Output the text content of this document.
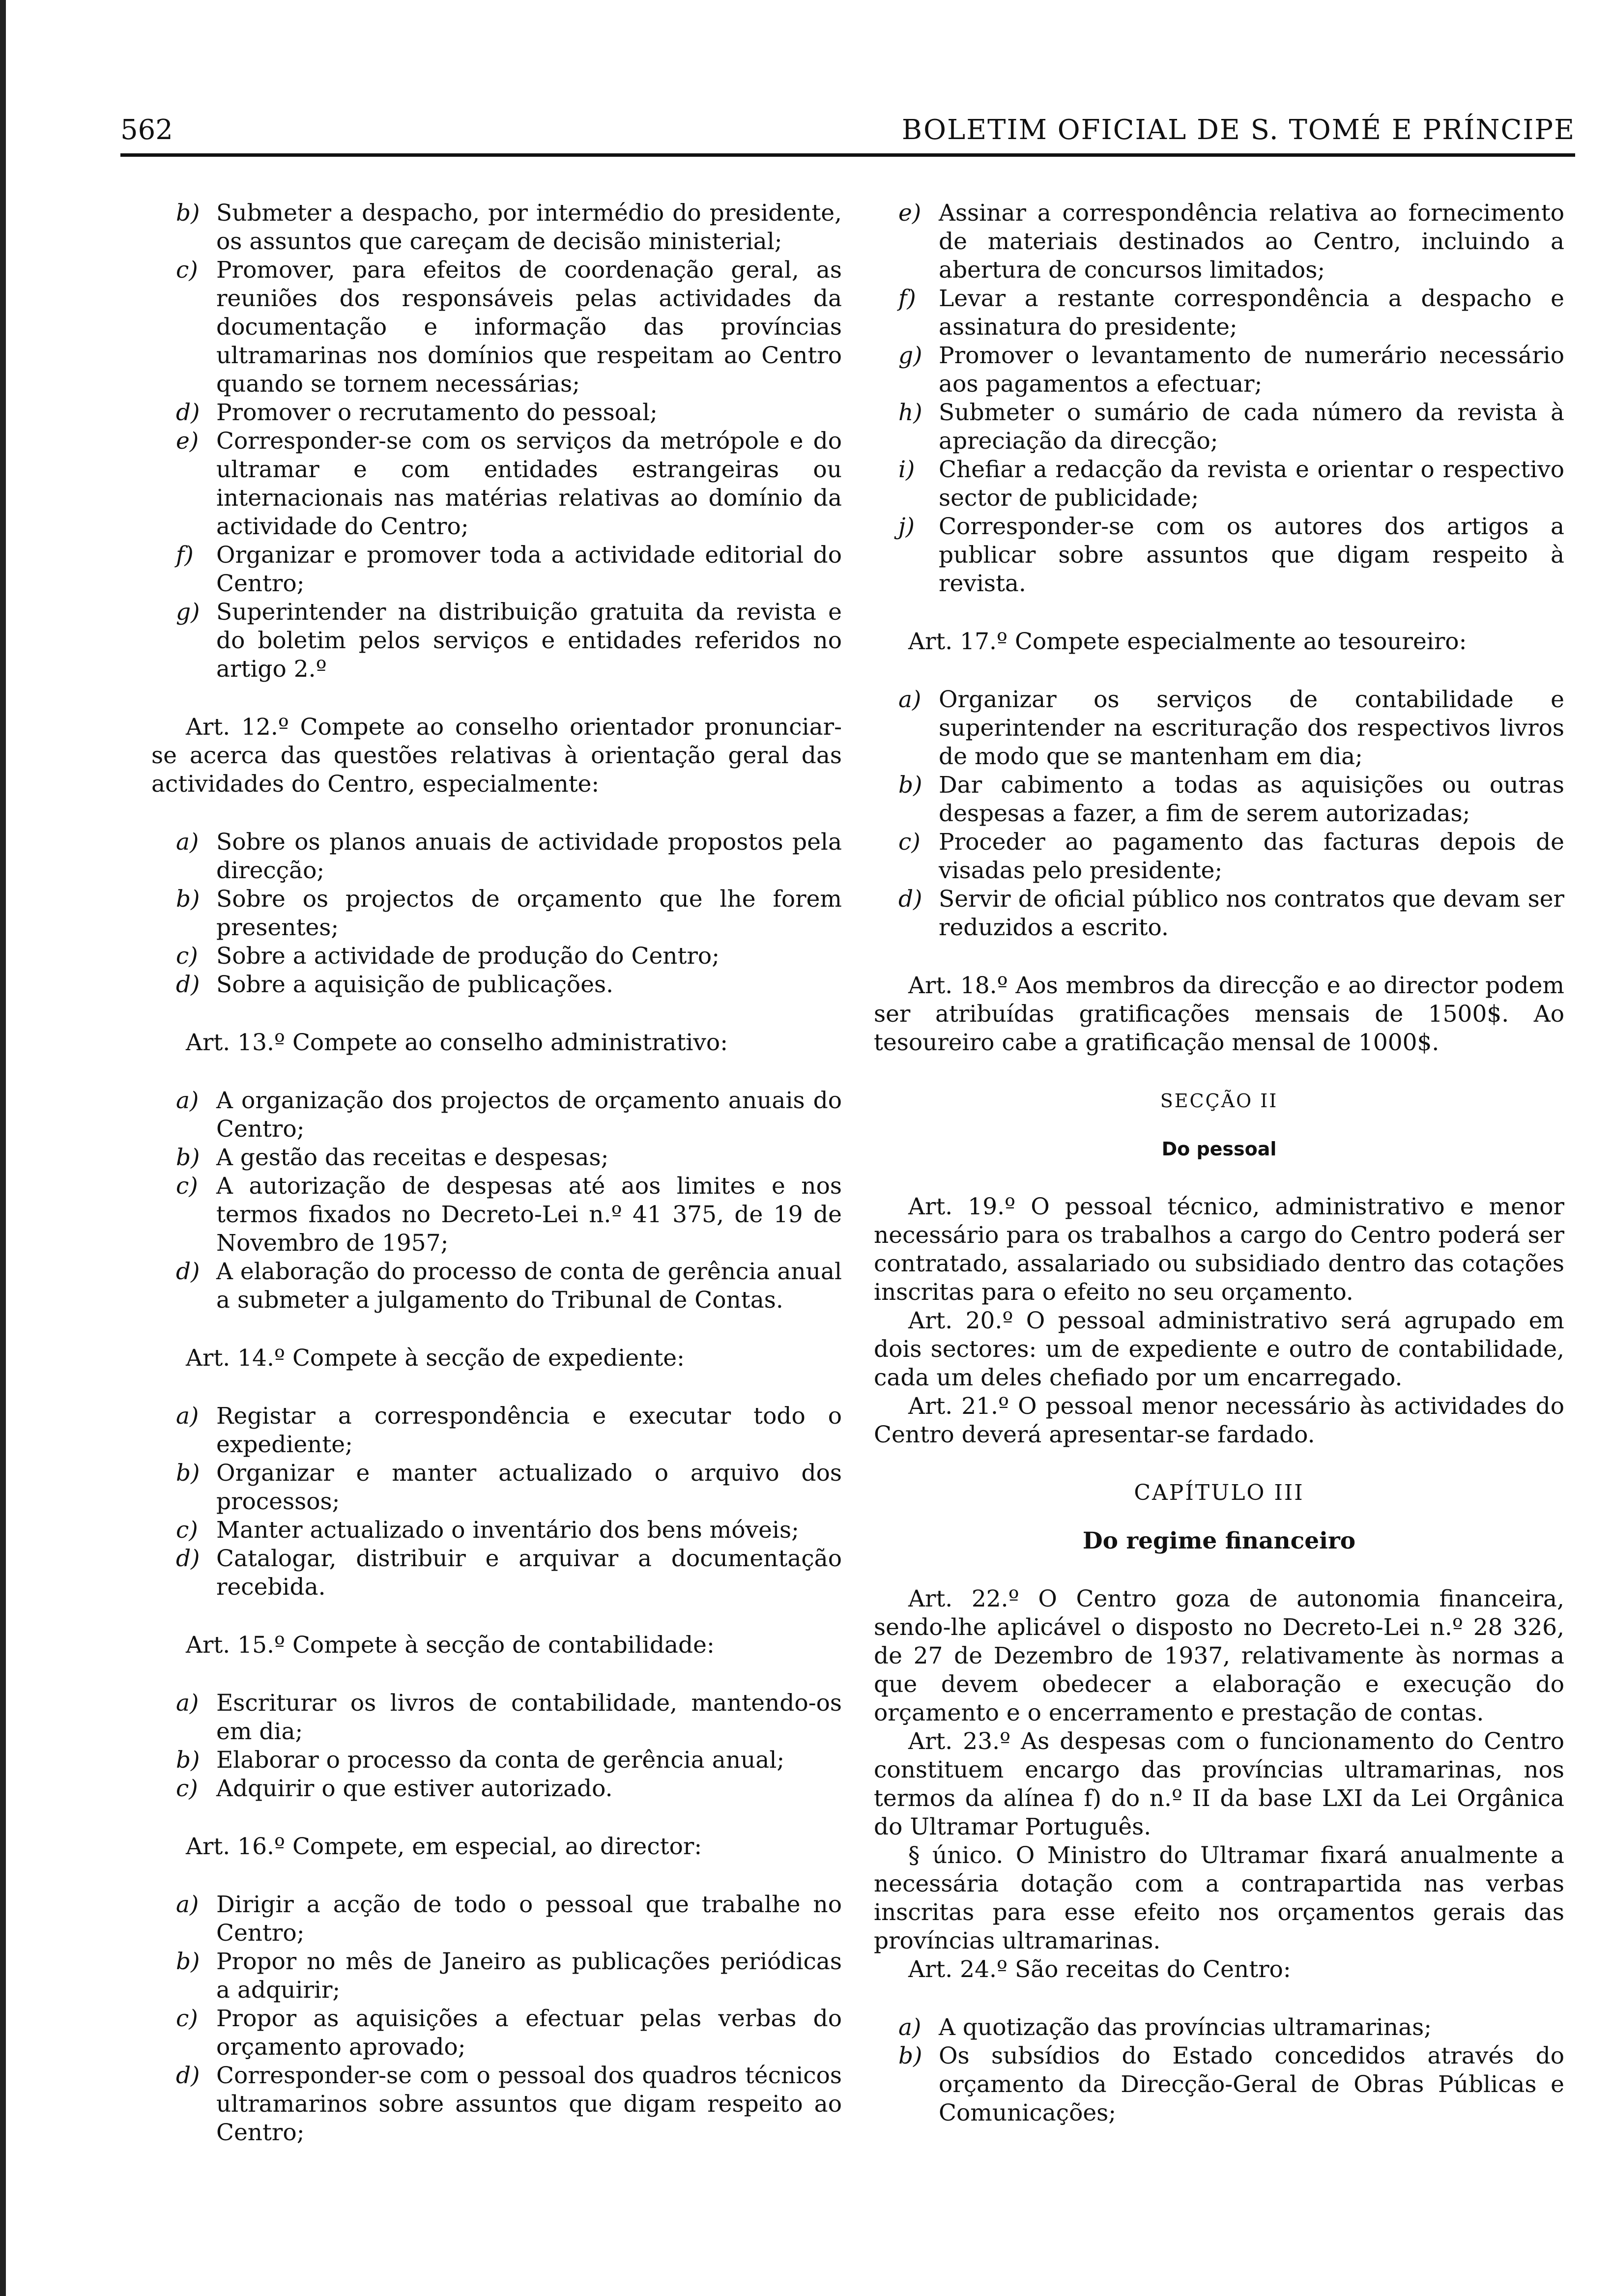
562	BOLETIM OFICIAL DE S. TOMÉ E PRÍNCIPE
b) Submeter a despacho, por intermédio do presidente, os assuntos que careçam de decisão ministerial;
c) Promover, para efeitos de coordenação geral, as reuniões dos responsáveis pelas actividades da documentação e informação das províncias ultramarinas nos domínios que respeitam ao Centro quando se tornem necessárias;
d) Promover o recrutamento do pessoal;
e) Corresponder-se com os serviços da metrópole e do ultramar e com entidades estrangeiras ou internacionais nas matérias relativas ao domínio da actividade do Centro;
f) Organizar e promover toda a actividade editorial do Centro;
g) Superintender na distribuição gratuita da revista e do boletim pelos serviços e entidades referidos no artigo 2.º

Art. 12.º Compete ao conselho orientador pronunciar-se acerca das questões relativas à orientação geral das actividades do Centro, especialmente:

a) Sobre os planos anuais de actividade propostos pela direcção;
b) Sobre os projectos de orçamento que lhe forem presentes;
c) Sobre a actividade de produção do Centro;
d) Sobre a aquisição de publicações.

Art. 13.º Compete ao conselho administrativo:

a) A organização dos projectos de orçamento anuais do Centro;
b) A gestão das receitas e despesas;
c) A autorização de despesas até aos limites e nos termos fixados no Decreto-Lei n.º 41 375, de 19 de Novembro de 1957;
d) A elaboração do processo de conta de gerência anual a submeter a julgamento do Tribunal de Contas.

Art. 14.º Compete à secção de expediente:

a) Registar a correspondência e executar todo o expediente;
b) Organizar e manter actualizado o arquivo dos processos;
c) Manter actualizado o inventário dos bens móveis;
d) Catalogar, distribuir e arquivar a documentação recebida.

Art. 15.º Compete à secção de contabilidade:

a) Escriturar os livros de contabilidade, mantendo-os em dia;
b) Elaborar o processo da conta de gerência anual;
c) Adquirir o que estiver autorizado.

Art. 16.º Compete, em especial, ao director:

a) Dirigir a acção de todo o pessoal que trabalhe no Centro;
b) Propor no mês de Janeiro as publicações periódicas a adquirir;
c) Propor as aquisições a efectuar pelas verbas do orçamento aprovado;
d) Corresponder-se com o pessoal dos quadros técnicos ultramarinos sobre assuntos que digam respeito ao Centro;
e) Assinar a correspondência relativa ao fornecimento de materiais destinados ao Centro, incluindo a abertura de concursos limitados;
f) Levar a restante correspondência a despacho e assinatura do presidente;
g) Promover o levantamento de numerário necessário aos pagamentos a efectuar;
h) Submeter o sumário de cada número da revista à apreciação da direcção;
i)	Chefiar a redacção da revista e orientar o respectivo sector de publicidade;
j)	Corresponder-se com os autores dos artigos a publicar sobre assuntos que digam respeito à revista.

Art. 17.º Compete especialmente ao tesoureiro:

a) Organizar os serviços de contabilidade e superintender na escrituração dos respectivos livros de modo que se mantenham em dia;
b) Dar cabimento a todas as aquisições ou outras despesas a fazer, a fim de serem autorizadas;
c) Proceder ao pagamento das facturas depois de visadas pelo presidente;
d) Servir de oficial público nos contratos que devam ser reduzidos a escrito.

Art. 18.º Aos membros da direcção e ao director podem ser atribuídas gratificações mensais de 1500$. Ao tesoureiro cabe a gratificação mensal de 1000$.

SECÇÃO II

Do pessoal

Art. 19.º O pessoal técnico, administrativo e menor necessário para os trabalhos a cargo do Centro poderá ser contratado, assalariado ou subsidiado dentro das cotações inscritas para o efeito no seu orçamento.

Art. 20.º O pessoal administrativo será agrupado em dois sectores: um de expediente e outro de contabilidade, cada um deles chefiado por um encarregado.

Art. 21.º O pessoal menor necessário às actividades do Centro deverá apresentar-se fardado.

CAPÍTULO III

Do regime financeiro

Art. 22.º O Centro goza de autonomia financeira, sendo-lhe aplicável o disposto no Decreto-Lei n.º 28 326, de 27 de Dezembro de 1937, relativamente às normas a que devem obedecer a elaboração e execução do orçamento e o encerramento e prestação de contas.

Art. 23.º As despesas com o funcionamento do Centro constituem encargo das províncias ultramarinas, nos termos da alínea f) do n.º II da base LXI da Lei Orgânica do Ultramar Português.

§ único. O Ministro do Ultramar fixará anualmente a necessária dotação com a contrapartida nas verbas inscritas para esse efeito nos orçamentos gerais das províncias ultramarinas.

Art. 24.º São receitas do Centro:

a) A quotização das províncias ultramarinas;
b) Os subsídios do Estado concedidos através do orçamento da Direcção-Geral de Obras Públicas e Comunicações;
